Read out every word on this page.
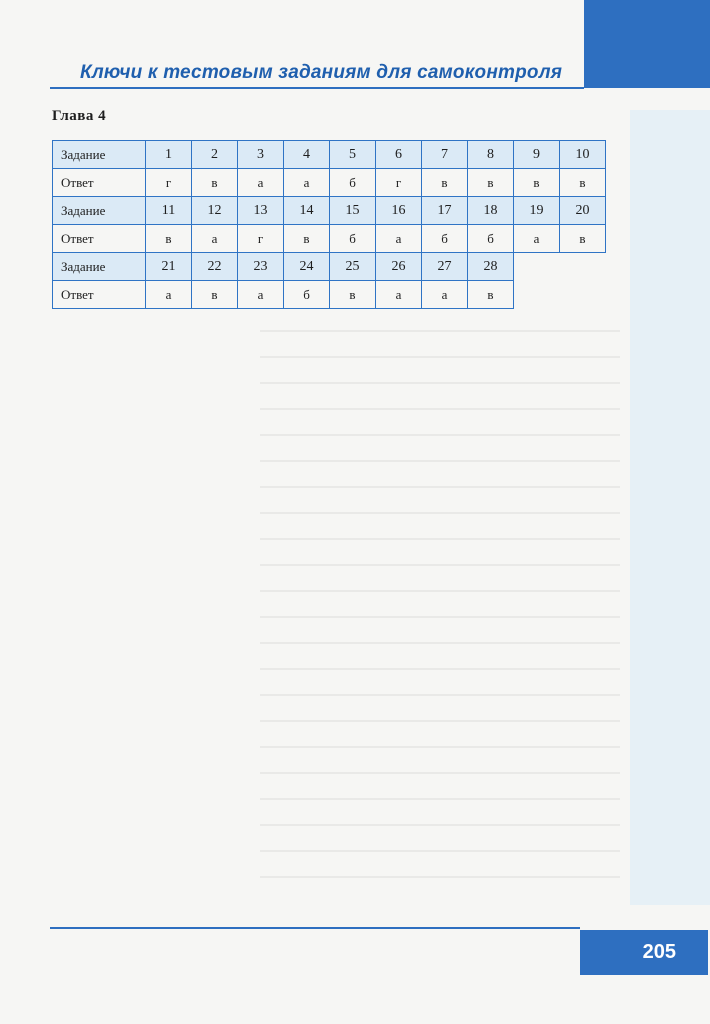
Ключи к тестовым заданиям для самоконтроля
Глава 4
Задание	1	2	3	4	5	6	7	8	9	10
Ответ	г	в	а	а	б	г	в	в	в	в
Задание	11	12	13	14	15	16	17	18	19	20
Ответ	в	а	г	в	б	а	б	б	а	в
Задание	21	22	23	24	25	26	27	28		
Ответ	а	в	а	б	в	а	а	в		
205
